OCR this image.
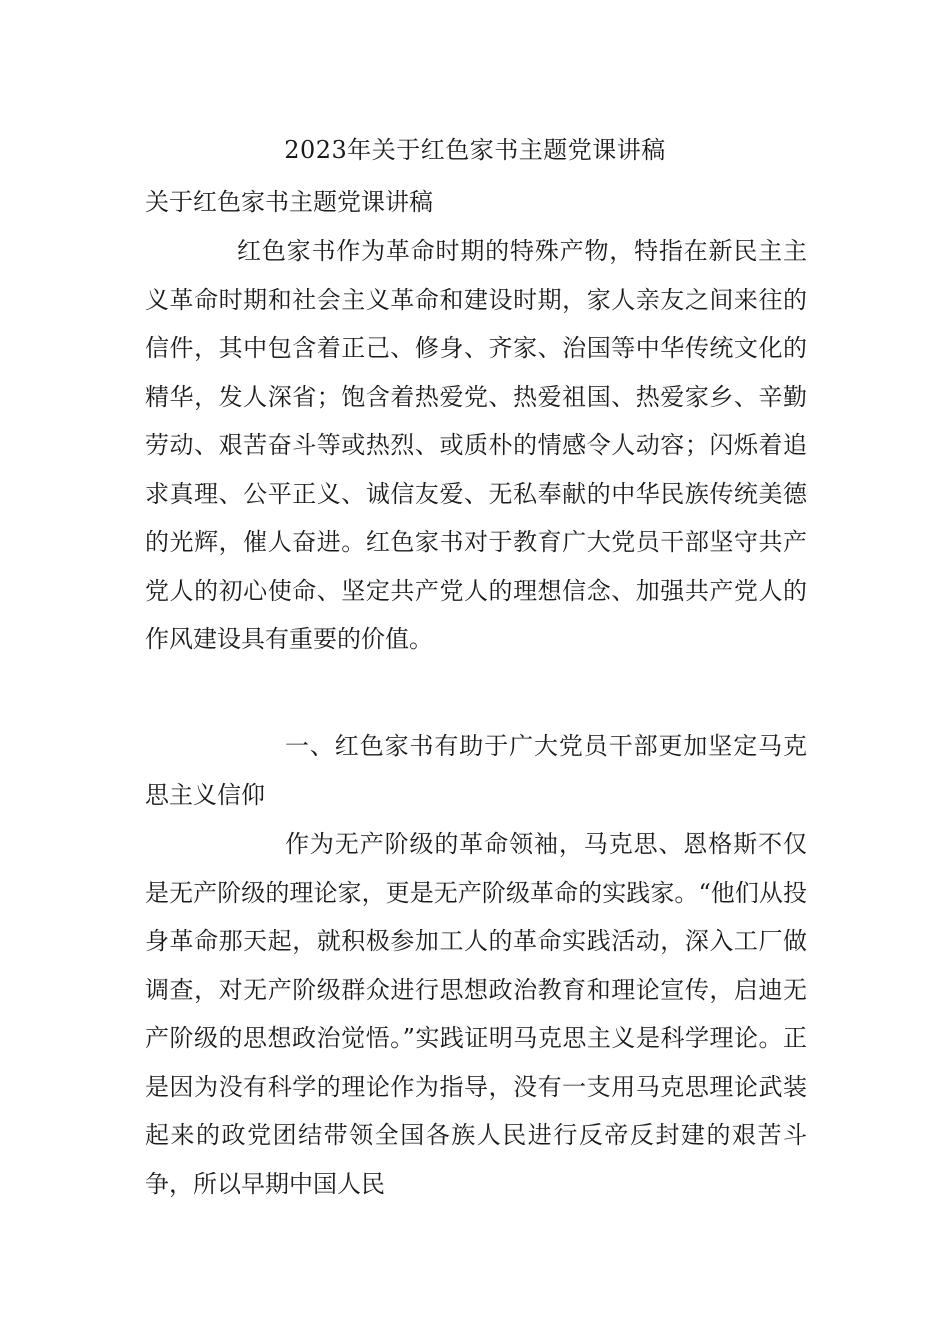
2023年关于红色家书主题党课讲稿
关于红色家书主题党课讲稿

红色家书作为革命时期的特殊产物，特指在新民主主义革命时期和社会主义革命和建设时期，家人亲友之间来往的信件，其中包含着正己、修身、齐家、治国等中华传统文化的精华，发人深省；饱含着热爱党、热爱祖国、热爱家乡、辛勤劳动、艰苦奋斗等或热烈、或质朴的情感令人动容；闪烁着追求真理、公平正义、诚信友爱、无私奉献的中华民族传统美德的光辉，催人奋进。红色家书对于教育广大党员干部坚守共产党人的初心使命、坚定共产党人的理想信念、加强共产党人的作风建设具有重要的价值。

一、红色家书有助于广大党员干部更加坚定马克思主义信仰

作为无产阶级的革命领袖，马克思、恩格斯不仅是无产阶级的理论家，更是无产阶级革命的实践家。“他们从投身革命那天起，就积极参加工人的革命实践活动，深入工厂做调查，对无产阶级群众进行思想政治教育和理论宣传，启迪无产阶级的思想政治觉悟。”实践证明马克思主义是科学理论。正是因为没有科学的理论作为指导，没有一支用马克思理论武装起来的政党团结带领全国各族人民进行反帝反封建的艰苦斗争，所以早期中国人民
